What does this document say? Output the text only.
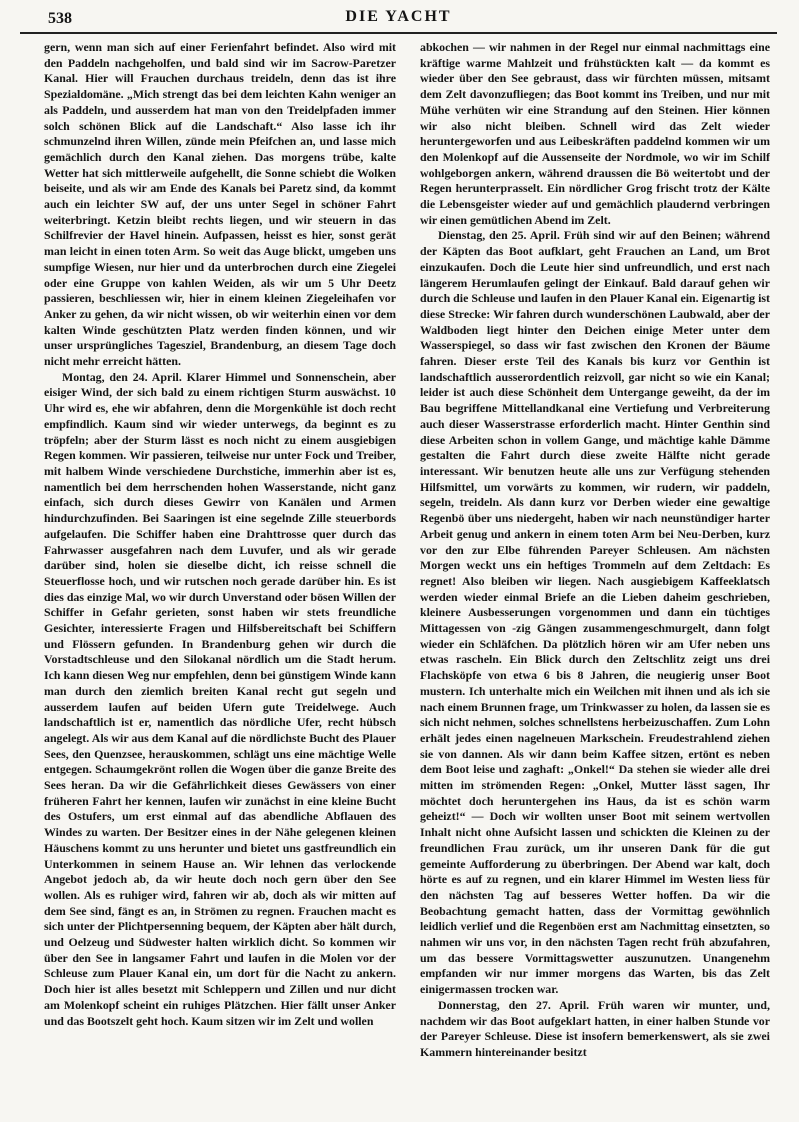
538	DIE YACHT

gern, wenn man sich auf einer Ferienfahrt befindet. Also wird mit den Paddeln nachgeholfen, und bald sind wir im Sacrow-Paretzer Kanal. Hier will Frauchen durchaus treideln, denn das ist ihre Spezialdomäne. „Mich strengt das bei dem leichten Kahn weniger an als Paddeln, und ausserdem hat man von den Treidelpfaden immer solch schönen Blick auf die Landschaft.“ Also lasse ich ihr schmunzelnd ihren Willen, zünde mein Pfeifchen an, und lasse mich gemächlich durch den Kanal ziehen. Das morgens trübe, kalte Wetter hat sich mittlerweile aufgehellt, die Sonne schiebt die Wolken beiseite, und als wir am Ende des Kanals bei Paretz sind, da kommt auch ein leichter SW auf, der uns unter Segel in schöner Fahrt weiterbringt. Ketzin bleibt rechts liegen, und wir steuern in das Schilfrevier der Havel hinein. Aufpassen, heisst es hier, sonst gerät man leicht in einen toten Arm. So weit das Auge blickt, umgeben uns sumpfige Wiesen, nur hier und da unterbrochen durch eine Ziegelei oder eine Gruppe von kahlen Weiden, als wir um 5 Uhr Deetz passieren, beschliessen wir, hier in einem kleinen Ziegeleihafen vor Anker zu gehen, da wir nicht wissen, ob wir weiterhin einen vor dem kalten Winde geschützten Platz werden finden können, und wir unser ursprüngliches Tagesziel, Brandenburg, an diesem Tage doch nicht mehr erreicht hätten.

Montag, den 24. April. Klarer Himmel und Sonnenschein, aber eisiger Wind, der sich bald zu einem richtigen Sturm auswächst. 10 Uhr wird es, ehe wir abfahren, denn die Morgenkühle ist doch recht empfindlich. Kaum sind wir wieder unterwegs, da beginnt es zu tröpfeln; aber der Sturm lässt es noch nicht zu einem ausgiebigen Regen kommen. Wir passieren, teilweise nur unter Fock und Treiber, mit halbem Winde verschiedene Durchstiche, immerhin aber ist es, namentlich bei dem herrschenden hohen Wasserstande, nicht ganz einfach, sich durch dieses Gewirr von Kanälen und Armen hindurchzufinden. Bei Saaringen ist eine segelnde Zille steuerbords aufgelaufen. Die Schiffer haben eine Drahttrosse quer durch das Fahrwasser ausgefahren nach dem Luvufer, und als wir gerade darüber sind, holen sie dieselbe dicht, ich reisse schnell die Steuerflosse hoch, und wir rutschen noch gerade darüber hin. Es ist dies das einzige Mal, wo wir durch Unverstand oder bösen Willen der Schiffer in Gefahr gerieten, sonst haben wir stets freundliche Gesichter, interessierte Fragen und Hilfsbereitschaft bei Schiffern und Flössern gefunden. In Brandenburg gehen wir durch die Vorstadtschleuse und den Silokanal nördlich um die Stadt herum. Ich kann diesen Weg nur empfehlen, denn bei günstigem Winde kann man durch den ziemlich breiten Kanal recht gut segeln und ausserdem laufen auf beiden Ufern gute Treidelwege. Auch landschaftlich ist er, namentlich das nördliche Ufer, recht hübsch angelegt. Als wir aus dem Kanal auf die nördlichste Bucht des Plauer Sees, den Quenzsee, herauskommen, schlägt uns eine mächtige Welle entgegen. Schaumgekrönt rollen die Wogen über die ganze Breite des Sees heran. Da wir die Gefährlichkeit dieses Gewässers von einer früheren Fahrt her kennen, laufen wir zunächst in eine kleine Bucht des Ostufers, um erst einmal auf das abendliche Abflauen des Windes zu warten. Der Besitzer eines in der Nähe gelegenen kleinen Häuschens kommt zu uns herunter und bietet uns gastfreundlich ein Unterkommen in seinem Hause an. Wir lehnen das verlockende Angebot jedoch ab, da wir heute doch noch gern über den See wollen. Als es ruhiger wird, fahren wir ab, doch als wir mitten auf dem See sind, fängt es an, in Strömen zu regnen. Frauchen macht es sich unter der Plichtpersenning bequem, der Käpten aber hält durch, und Oelzeug und Südwester halten wirklich dicht. So kommen wir über den See in langsamer Fahrt und laufen in die Molen vor der Schleuse zum Plauer Kanal ein, um dort für die Nacht zu ankern. Doch hier ist alles besetzt mit Schleppern und Zillen und nur dicht am Molenkopf scheint ein ruhiges Plätzchen. Hier fällt unser Anker und das Bootszelt geht hoch. Kaum sitzen wir im Zelt und wollen

abkochen — wir nahmen in der Regel nur einmal nachmittags eine kräftige warme Mahlzeit und frühstückten kalt — da kommt es wieder über den See gebraust, dass wir fürchten müssen, mitsamt dem Zelt davonzufliegen; das Boot kommt ins Treiben, und nur mit Mühe verhüten wir eine Strandung auf den Steinen. Hier können wir also nicht bleiben. Schnell wird das Zelt wieder heruntergeworfen und aus Leibeskräften paddelnd kommen wir um den Molenkopf auf die Aussenseite der Nordmole, wo wir im Schilf wohlgeborgen ankern, während draussen die Bö weitertobt und der Regen herunterprasselt. Ein nördlicher Grog frischt trotz der Kälte die Lebensgeister wieder auf und gemächlich plaudernd verbringen wir einen gemütlichen Abend im Zelt.

Dienstag, den 25. April. Früh sind wir auf den Beinen; während der Käpten das Boot aufklart, geht Frauchen an Land, um Brot einzukaufen. Doch die Leute hier sind unfreundlich, und erst nach längerem Herumlaufen gelingt der Einkauf. Bald darauf gehen wir durch die Schleuse und laufen in den Plauer Kanal ein. Eigenartig ist diese Strecke: Wir fahren durch wunderschönen Laubwald, aber der Waldboden liegt hinter den Deichen einige Meter unter dem Wasserspiegel, so dass wir fast zwischen den Kronen der Bäume fahren. Dieser erste Teil des Kanals bis kurz vor Genthin ist landschaftlich ausserordentlich reizvoll, gar nicht so wie ein Kanal; leider ist auch diese Schönheit dem Untergange geweiht, da der im Bau begriffene Mittellandkanal eine Vertiefung und Verbreiterung auch dieser Wasserstrasse erforderlich macht. Hinter Genthin sind diese Arbeiten schon in vollem Gange, und mächtige kahle Dämme gestalten die Fahrt durch diese zweite Hälfte nicht gerade interessant. Wir benutzen heute alle uns zur Verfügung stehenden Hilfsmittel, um vorwärts zu kommen, wir rudern, wir paddeln, segeln, treideln. Als dann kurz vor Derben wieder eine gewaltige Regenbö über uns niedergeht, haben wir nach neunstündiger harter Arbeit genug und ankern in einem toten Arm bei Neu-Derben, kurz vor den zur Elbe führenden Pareyer Schleusen. Am nächsten Morgen weckt uns ein heftiges Trommeln auf dem Zeltdach: Es regnet! Also bleiben wir liegen. Nach ausgiebigem Kaffeeklatsch werden wieder einmal Briefe an die Lieben daheim geschrieben, kleinere Ausbesserungen vorgenommen und dann ein tüchtiges Mittagessen von -zig Gängen zusammengeschmurgelt, dann folgt wieder ein Schläfchen. Da plötzlich hören wir am Ufer neben uns etwas rascheln. Ein Blick durch den Zeltschlitz zeigt uns drei Flachsköpfe von etwa 6 bis 8 Jahren, die neugierig unser Boot mustern. Ich unterhalte mich ein Weilchen mit ihnen und als ich sie nach einem Brunnen frage, um Trinkwasser zu holen, da lassen sie es sich nicht nehmen, solches schnellstens herbeizuschaffen. Zum Lohn erhält jedes einen nagelneuen Markschein. Freudestrahlend ziehen sie von dannen. Als wir dann beim Kaffee sitzen, ertönt es neben dem Boot leise und zaghaft: „Onkel!“ Da stehen sie wieder alle drei mitten im strömenden Regen: „Onkel, Mutter lässt sagen, Ihr möchtet doch heruntergehen ins Haus, da ist es schön warm geheizt!“ — Doch wir wollten unser Boot mit seinem wertvollen Inhalt nicht ohne Aufsicht lassen und schickten die Kleinen zu der freundlichen Frau zurück, um ihr unseren Dank für die gut gemeinte Aufforderung zu überbringen. Der Abend war kalt, doch hörte es auf zu regnen, und ein klarer Himmel im Westen liess für den nächsten Tag auf besseres Wetter hoffen. Da wir die Beobachtung gemacht hatten, dass der Vormittag gewöhnlich leidlich verlief und die Regenböen erst am Nachmittag einsetzten, so nahmen wir uns vor, in den nächsten Tagen recht früh abzufahren, um das bessere Vormittagswetter auszunutzen. Unangenehm empfanden wir nur immer morgens das Warten, bis das Zelt einigermassen trocken war.

Donnerstag, den 27. April. Früh waren wir munter, und, nachdem wir das Boot aufgeklart hatten, in einer halben Stunde vor der Pareyer Schleuse. Diese ist insofern bemerkenswert, als sie zwei Kammern hintereinander besitzt
